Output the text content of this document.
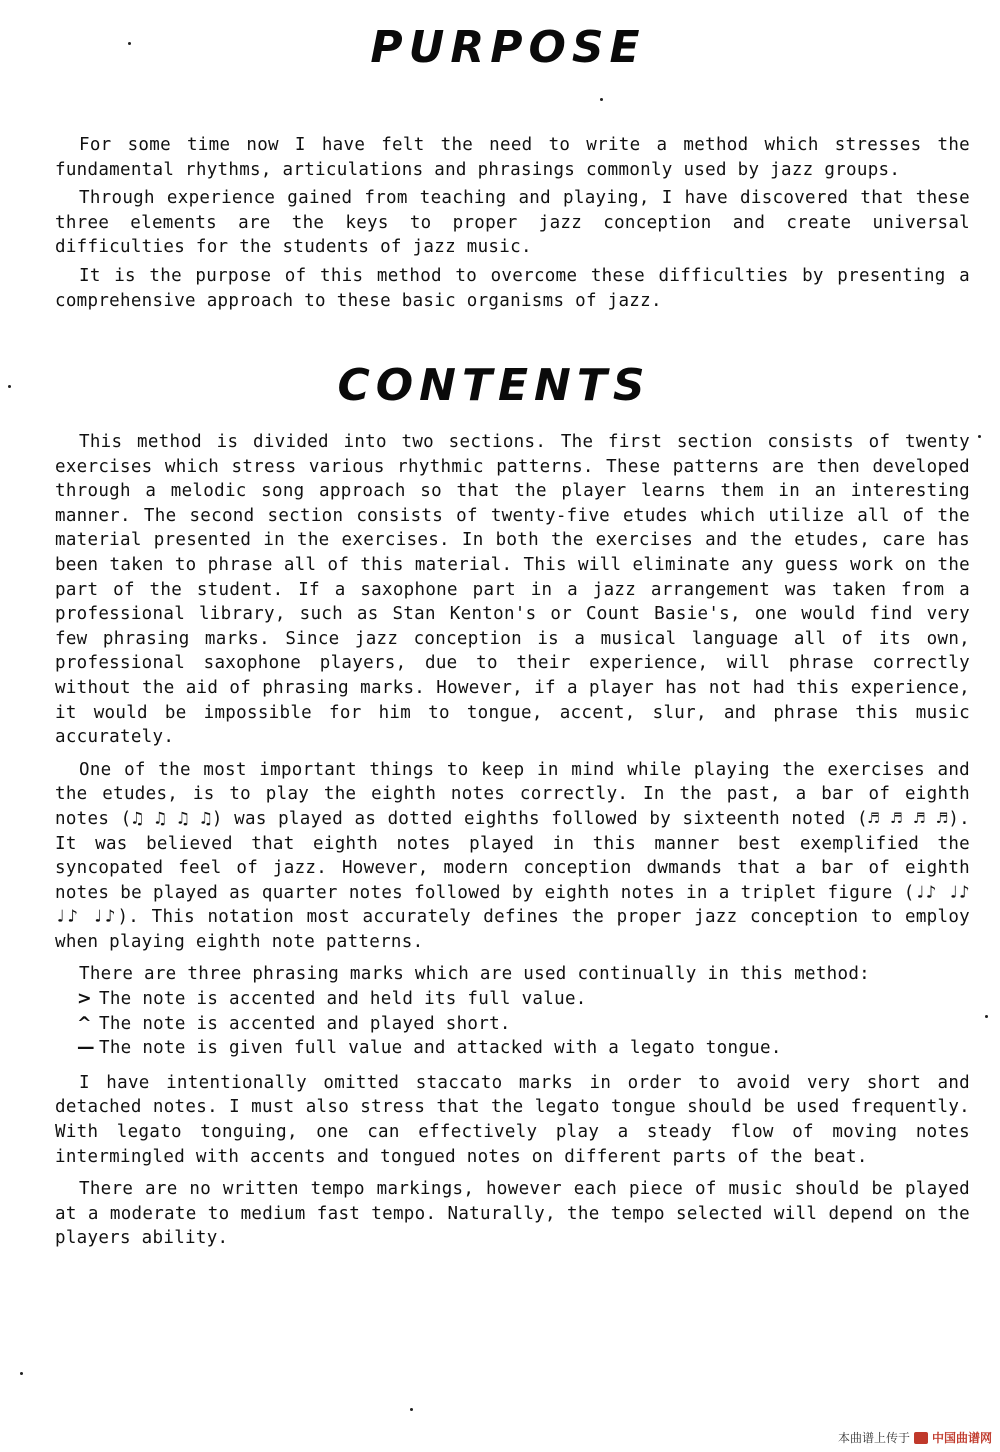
PURPOSE

For some time now I have felt the need to write a method which stresses the fundamental rhythms, articulations and phrasings commonly used by jazz groups.

Through experience gained from teaching and playing, I have discovered that these three elements are the keys to proper jazz conception and create universal difficulties for the students of jazz music.

It is the purpose of this method to overcome these difficulties by presenting a comprehensive approach to these basic organisms of jazz.

CONTENTS

This method is divided into two sections. The first section consists of twenty exercises which stress various rhythmic patterns. These patterns are then developed through a melodic song approach so that the player learns them in an interesting manner. The second section consists of twenty-five etudes which utilize all of the material presented in the exercises. In both the exercises and the etudes, care has been taken to phrase all of this material. This will eliminate any guess work on the part of the student. If a saxophone part in a jazz arrangement was taken from a professional library, such as Stan Kenton's or Count Basie's, one would find very few phrasing marks. Since jazz conception is a musical language all of its own, professional saxophone players, due to their experience, will phrase correctly without the aid of phrasing marks. However, if a player has not had this experience, it would be impossible for him to tongue, accent, slur, and phrase this music accurately.

One of the most important things to keep in mind while playing the exercises and the etudes, is to play the eighth notes correctly. In the past, a bar of eighth notes (♫ ♫ ♫ ♫) was played as dotted eighths followed by sixteenth noted (♬ ♬ ♬ ♬). It was believed that eighth notes played in this manner best exemplified the syncopated feel of jazz. However, modern conception dwmands that a bar of eighth notes be played as quarter notes followed by eighth notes in a triplet figure (♩♪ ♩♪ ♩♪ ♩♪). This notation most accurately defines the proper jazz conception to employ when playing eighth note patterns.

There are three phrasing marks which are used continually in this method:

> The note is accented and held its full value.
^ The note is accented and played short.
— The note is given full value and attacked with a legato tongue.

I have intentionally omitted staccato marks in order to avoid very short and detached notes. I must also stress that the legato tongue should be used frequently. With legato tonguing, one can effectively play a steady flow of moving notes intermingled with accents and tongued notes on different parts of the beat.

There are no written tempo markings, however each piece of music should be played at a moderate to medium fast tempo. Naturally, the tempo selected will depend on the players ability.

本曲谱上传于 中国曲谱网
